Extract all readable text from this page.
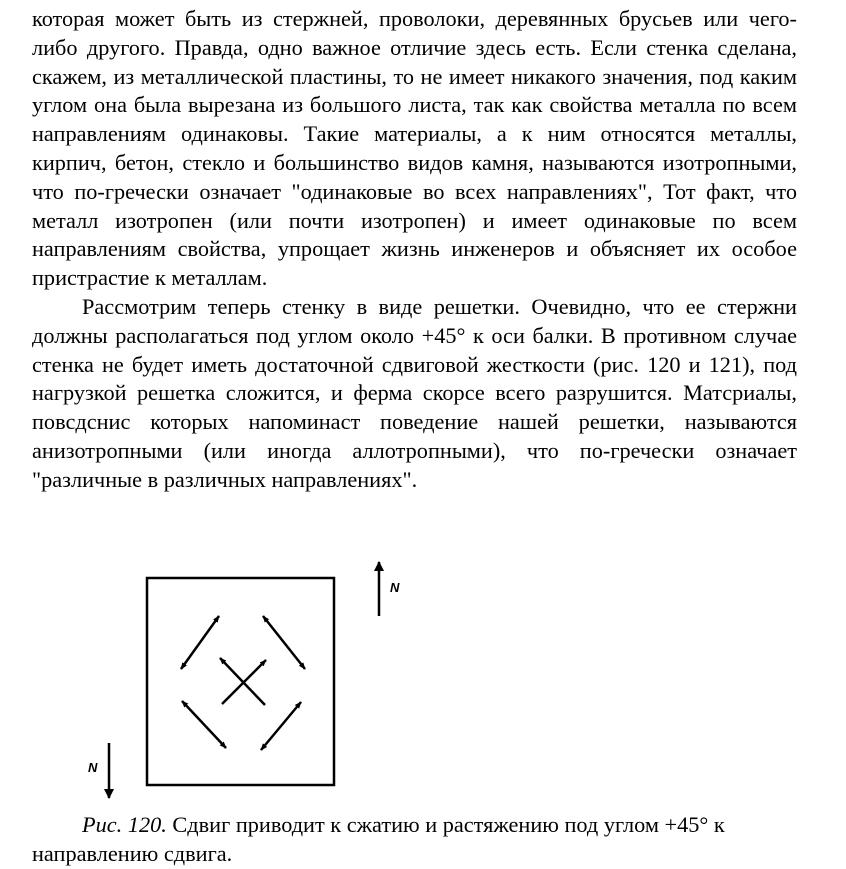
которая может быть из стержней, проволоки, деревянных брусьев или чего-либо другого. Правда, одно важное отличие здесь есть. Если стенка сделана, скажем, из металлической пластины, то не имеет никакого значения, под каким углом она была вырезана из большого листа, так как свойства металла по всем направлениям одинаковы. Такие материалы, а к ним относятся металлы, кирпич, бетон, стекло и большинство видов камня, называются изотропными, что по-гречески означает "одинаковые во всех направлениях", Тот факт, что металл изотропен (или почти изотропен) и имеет одинаковые по всем направлениям свойства, упрощает жизнь инженеров и объясняет их особое пристрастие к металлам.

Рассмотрим теперь стенку в виде решетки. Очевидно, что ее стержни должны располагаться под углом около +45° к оси балки. В противном случае стенка не будет иметь достаточной сдвиговой жесткости (рис. 120 и 121), под нагрузкой решетка сложится, и ферма скорсе всего разрушится. Матсриалы, повсдснис которых напоминаст поведение нашей решетки, называются анизотропными (или иногда аллотропными), что по-гречески означает "различные в различных направлениях".

N
N

Рис. 120. Сдвиг приводит к сжатию и растяжению под углом +45° к направлению сдвига.
